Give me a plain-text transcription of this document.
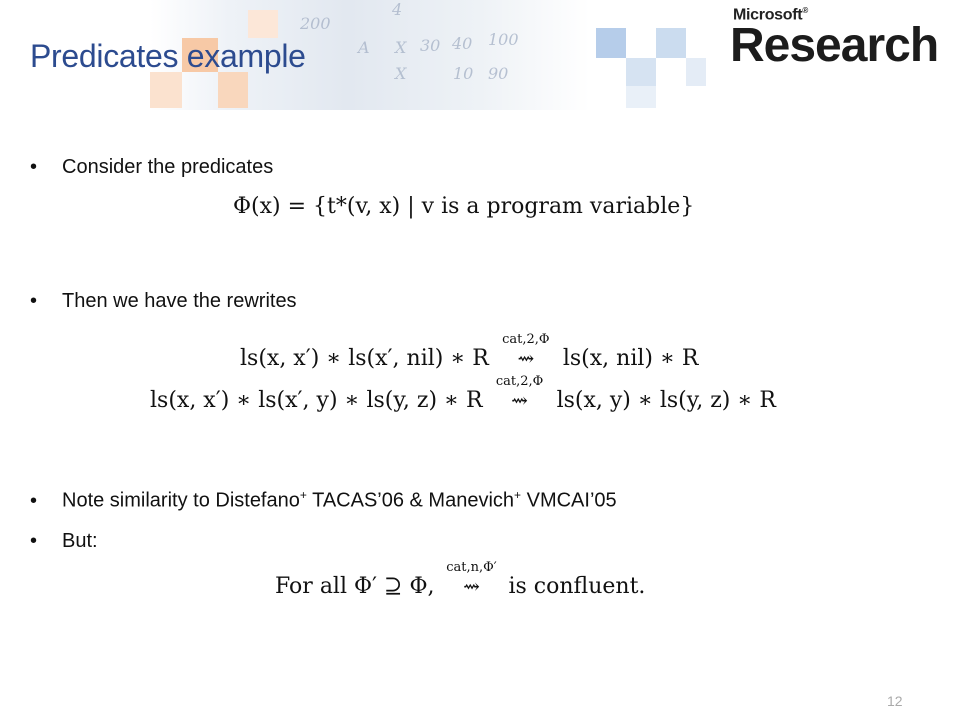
4
200
A X 30 40 100
X	10 90
Predicates example
Microsoft®
Research
•	Consider the predicates
Φ(x) = {t*(v, x) | v is a program variable}
•	Then we have the rewrites
ls(x, x′) ∗ ls(x′, nil) ∗ R
cat,2,Φ
⇝ ls(x, nil) ∗ R
ls(x, x′) ∗ ls(x′, y) ∗ ls(y, z) ∗ R
cat,2,Φ
⇝ ls(x, y) ∗ ls(y, z) ∗ R
•	Note similarity to Distefano+ TACAS’06 & Manevich+ VMCAI’05
•	But:
For all Φ′ ⊇ Φ,
cat,n,Φ′
⇝ is confluent.
12
